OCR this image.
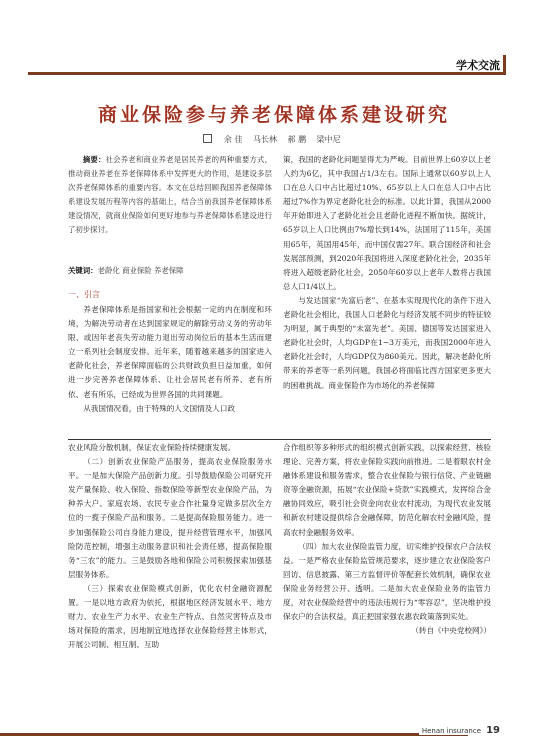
学术交流
商业保险参与养老保障体系建设研究
余 佳 马长林 郝 鹏 梁中尼

摘要：社会养老和商业养老是居民养老的两种重要方式，推动商业养老在养老保障体系中发挥更大的作用，是建设多层次养老保障体系的重要内容。本文在总结回顾我国养老保障体系建设发展历程等内容的基础上，结合当前我国养老保障体系建设情况，就商业保险如何更好地参与养老保障体系建设进行了初步探讨。

关键词：老龄化 商业保险 养老保障
一、引言

养老保障体系是指国家和社会根据一定的内在制度和环境，为解决劳动者在达到国家规定的解除劳动义务的劳动年限、或因年老丧失劳动能力退出劳动岗位后的基本生活而建立一系列社会制度安排。近年来，随着越来越多的国家进入老龄化社会，养老保障面临的公共财政负担日益加重，如何进一步完善养老保障体系、让社会居民老有所养、老有所依、老有所乐，已经成为世界各国的共同课题。

从我国情况看，由于特殊的人文国情及人口政

策，我国的老龄化问题显得尤为严峻。目前世界上60岁以上老人约为6亿，其中我国占1/3左右。国际上通常以60岁以上人口在总人口中占比超过10%、65岁以上人口在总人口中占比超过7%作为界定老龄化社会的标准。以此计算，我国从2000年开始即进入了老龄化社会且老龄化进程不断加快。据统计，65岁以上人口比例由7%增长到14%，法国用了115年，美国用65年，英国用45年，而中国仅需27年。联合国经济和社会发展部预测，到2020年我国将进入深度老龄化社会，2035年将进入超级老龄化社会，2050年60岁以上老年人数将占我国总人口1/4以上。

与发达国家“先富后老”、在基本实现现代化的条件下进入老龄化社会相比，我国人口老龄化与经济发展不同步的特征较为明显，属于典型的“未富先老”。美国、德国等发达国家进入老龄化社会时，人均GDP在1~3万美元，而我国2000年进入老龄化社会时，人均GDP仅为860美元。因此，解决老龄化所带来的养老等一系列问题，我国必将面临比西方国家更多更大的困难挑战。商业保险作为市场化的养老保障

农业风险分散机制，保证农业保险持续健康发展。

（二）创新农业保险产品服务，提高农业保险服务水平。一是加大保险产品创新力度。引导鼓励保险公司研究开发产量保险、收入保险、指数保险等新型农业保险产品，为种养大户、家庭农场、农民专业合作社量身定做多层次全方位的一揽子保险产品和服务。二是提高保险服务能力。进一步加强保险公司自身能力建设，提升经营管理水平，加强风险防范控制，增强主动服务意识和社会责任感，提高保险服务“三农”的能力。三是鼓励各地和保险公司积极探索加强基层服务体系。

（三）探索农业保险模式创新，优化农村金融资源配置。一是以地方政府为依托，根据地区经济发展水平、地方财力、农业生产力水平、农业生产特点、自然灾害特点及市场对保险的需求，因地制宜地选择农业保险经营主体形式，开展公司制、相互制、互助

合作组织等多种形式的组织模式创新实践，以探索经营、核验理论、完善方案，将农业保险实践向前推进。二是着眼农村金融体系建设和服务需求，整合农业保险与银行信贷、产业链融资等金融资源，拓展“农业保险+贷款”实践模式，发挥综合金融协同效应，吸引社会资金向农业农村流动，为现代农业发展和新农村建设提供综合金融保障，防范化解农村金融风险，提高农村金融服务效率。

（四）加大农业保险监管力度，切实维护投保农户合法权益。一是严格农业保险监管规范要求，逐步建立农业保险客户回访、信息披露、第三方监督评价等配套长效机制，确保农业保险业务经营公开、透明。二是加大农业保险业务的监管力度，对农业保险经营中的违法违规行为“零容忍”，坚决维护投保农户的合法权益，真正把国家强农惠农政策落到实处。

（转自《中央党校网》）

Henan insurance 19
